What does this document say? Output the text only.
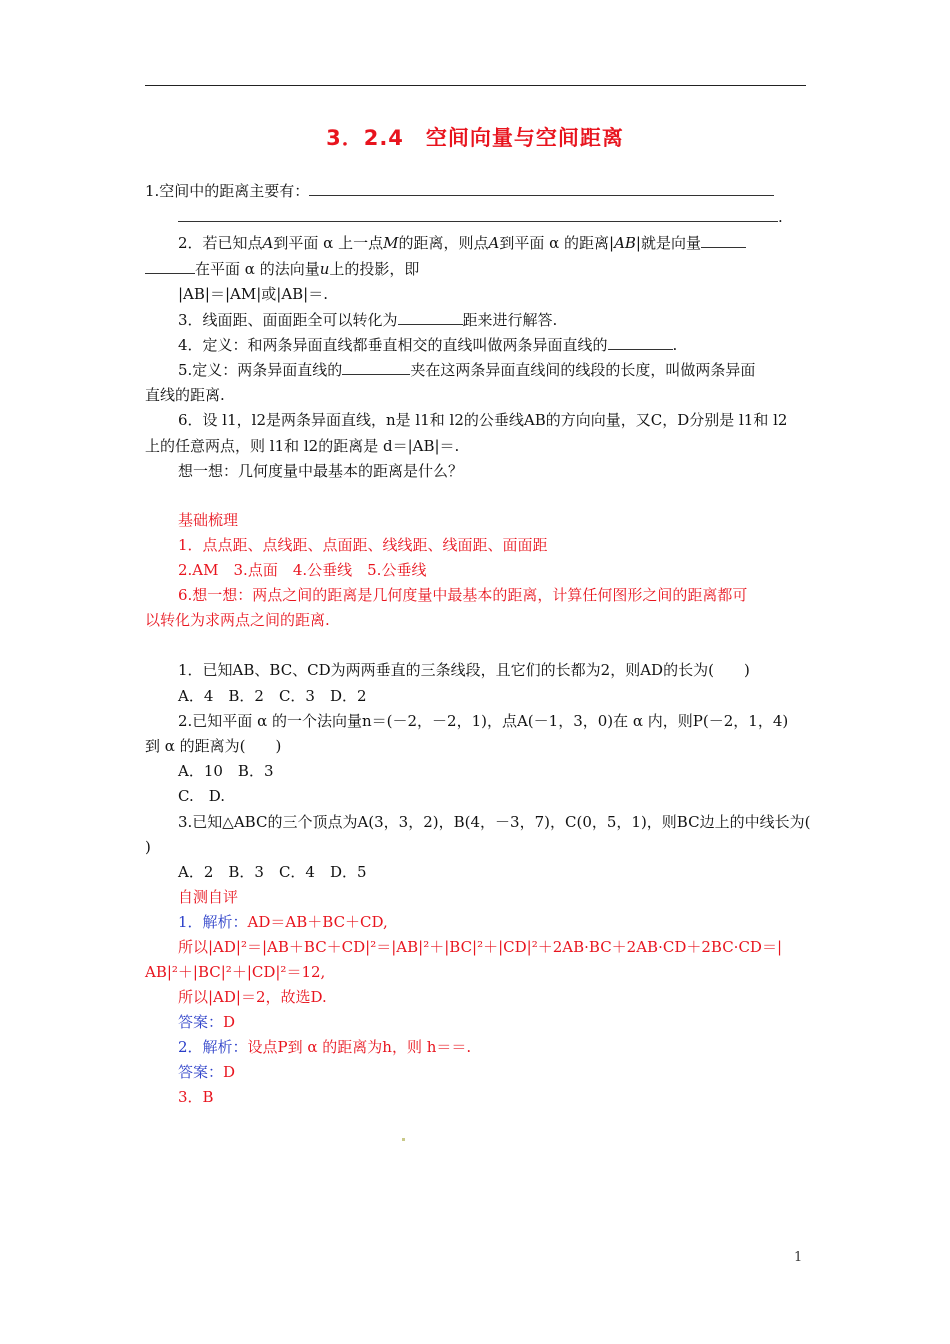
3．2.4　空间向量与空间距离
1.空间中的距离主要有：
.
2．若已知点A到平面 α 上一点M的距离，则点A到平面 α 的距离|AB|就是向量
在平面 α 的法向量u上的投影，即
|AB|＝|AM|或|AB|＝.
3．线面距、面面距全可以转化为	距来进行解答.
4．定义：和两条异面直线都垂直相交的直线叫做两条异面直线的	.
5.定义：两条异面直线的	夹在这两条异面直线间的线段的长度，叫做两条异面
直线的距离.
6．设 l1，l2是两条异面直线，n是 l1和 l2的公垂线AB的方向向量，又C，D分别是 l1和 l2
上的任意两点，则 l1和 l2的距离是 d＝|AB|＝.
想一想：几何度量中最基本的距离是什么？
基础梳理
1．点点距、点线距、点面距、线线距、线面距、面面距
2.AM　3.点面　4.公垂线　5.公垂线
6.想一想：两点之间的距离是几何度量中最基本的距离，计算任何图形之间的距离都可
以转化为求两点之间的距离.
1．已知AB、BC、CD为两两垂直的三条线段，且它们的长都为2，则AD的长为(　　)
A．4　B．2　C．3　D．2
2.已知平面 α 的一个法向量n＝(－2，－2，1)，点A(－1，3，0)在 α 内，则P(－2，1，4)
到 α 的距离为(　　)
A．10　B．3
C.　D.
3.已知△ABC的三个顶点为A(3，3，2)，B(4，－3，7)，C(0，5，1)，则BC边上的中线长为(
)
A．2　B．3　C．4　D．5
自测自评
1．解析：AD＝AB＋BC＋CD,
所以|AD|²＝|AB＋BC＋CD|²＝|AB|²＋|BC|²＋|CD|²＋2AB·BC＋2AB·CD＋2BC·CD＝|
AB|²＋|BC|²＋|CD|²＝12,
所以|AD|＝2，故选D.
答案：D
2．解析：设点P到 α 的距离为h，则 h＝＝.
答案：D
3．B
1
